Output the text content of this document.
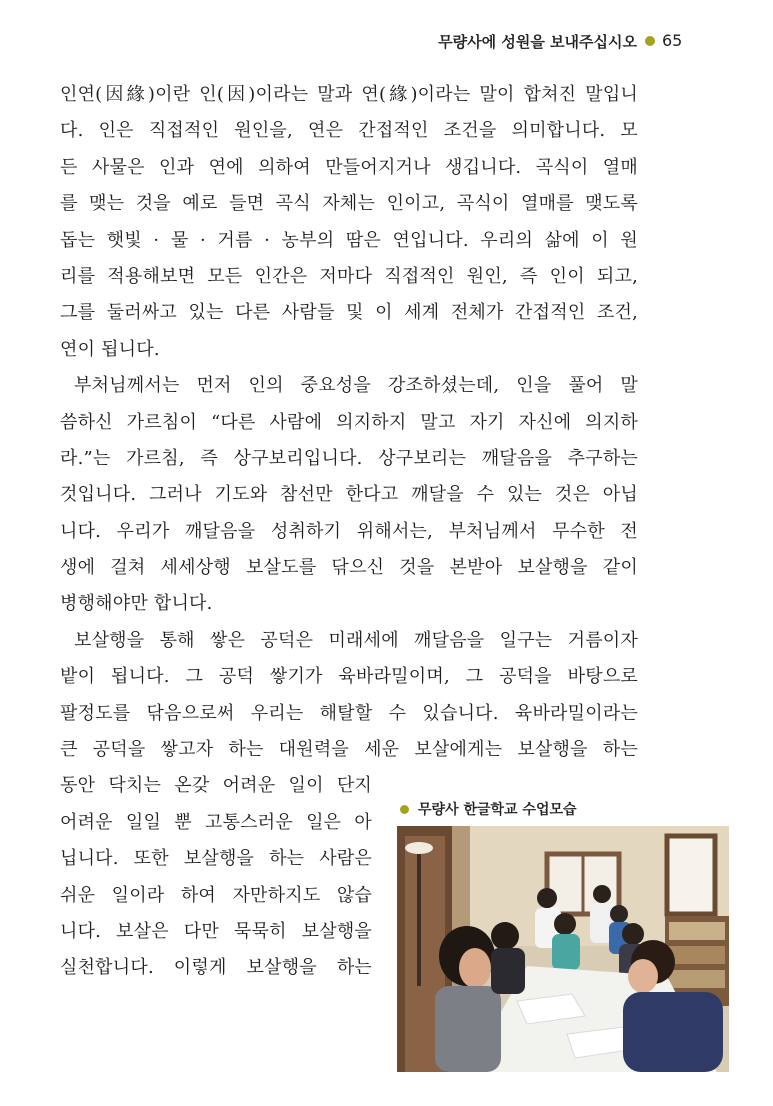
무량사에 성원을 보내주십시오 65
인연(因緣)이란 인(因)이라는 말과 연(緣)이라는 말이 합쳐진 말입니
다. 인은 직접적인 원인을, 연은 간접적인 조건을 의미합니다. 모
든 사물은 인과 연에 의하여 만들어지거나 생깁니다. 곡식이 열매
를 맺는 것을 예로 들면 곡식 자체는 인이고, 곡식이 열매를 맺도록
돕는 햇빛 · 물 · 거름 · 농부의 땀은 연입니다. 우리의 삶에 이 원
리를 적용해보면 모든 인간은 저마다 직접적인 원인, 즉 인이 되고,
그를 둘러싸고 있는 다른 사람들 및 이 세계 전체가 간접적인 조건,
연이 됩니다.
부처님께서는 먼저 인의 중요성을 강조하셨는데, 인을 풀어 말
씀하신 가르침이 “다른 사람에 의지하지 말고 자기 자신에 의지하
라.”는 가르침, 즉 상구보리입니다. 상구보리는 깨달음을 추구하는
것입니다. 그러나 기도와 참선만 한다고 깨달을 수 있는 것은 아닙
니다. 우리가 깨달음을 성취하기 위해서는, 부처님께서 무수한 전
생에 걸쳐 세세상행 보살도를 닦으신 것을 본받아 보살행을 같이
병행해야만 합니다.
보살행을 통해 쌓은 공덕은 미래세에 깨달음을 일구는 거름이자
밭이 됩니다. 그 공덕 쌓기가 육바라밀이며, 그 공덕을 바탕으로
팔정도를 닦음으로써 우리는 해탈할 수 있습니다. 육바라밀이라는
큰 공덕을 쌓고자 하는 대원력을 세운 보살에게는 보살행을 하는
동안 닥치는 온갖 어려운 일이 단지
어려운 일일 뿐 고통스러운 일은 아
닙니다. 또한 보살행을 하는 사람은
쉬운 일이라 하여 자만하지도 않습
니다. 보살은 다만 묵묵히 보살행을
실천합니다. 이렇게 보살행을 하는
무량사 한글학교 수업모습
